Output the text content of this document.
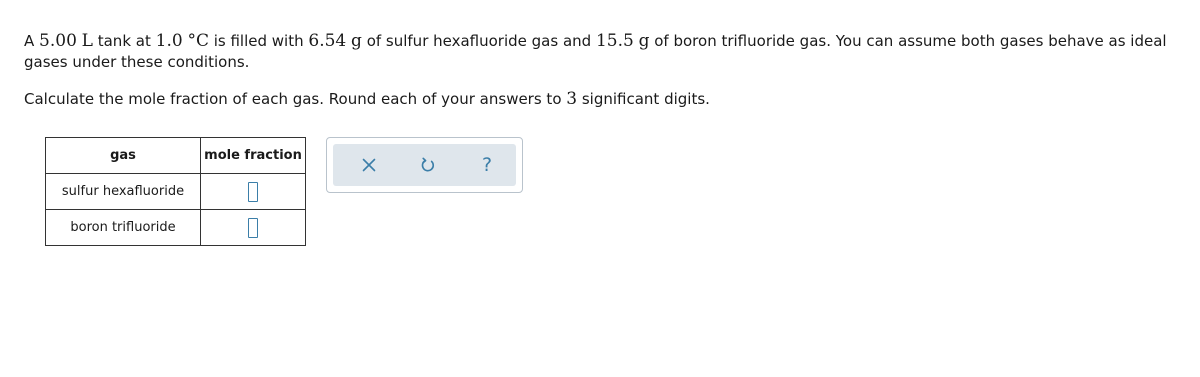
A 5.00 L tank at 1.0 °C is filled with 6.54 g of sulfur hexafluoride gas and 15.5 g of boron trifluoride gas. You can assume both gases behave as ideal gases under these conditions.
Calculate the mole fraction of each gas. Round each of your answers to 3 significant digits.
gas	mole fraction
sulfur hexafluoride	
boron trifluoride	
?
